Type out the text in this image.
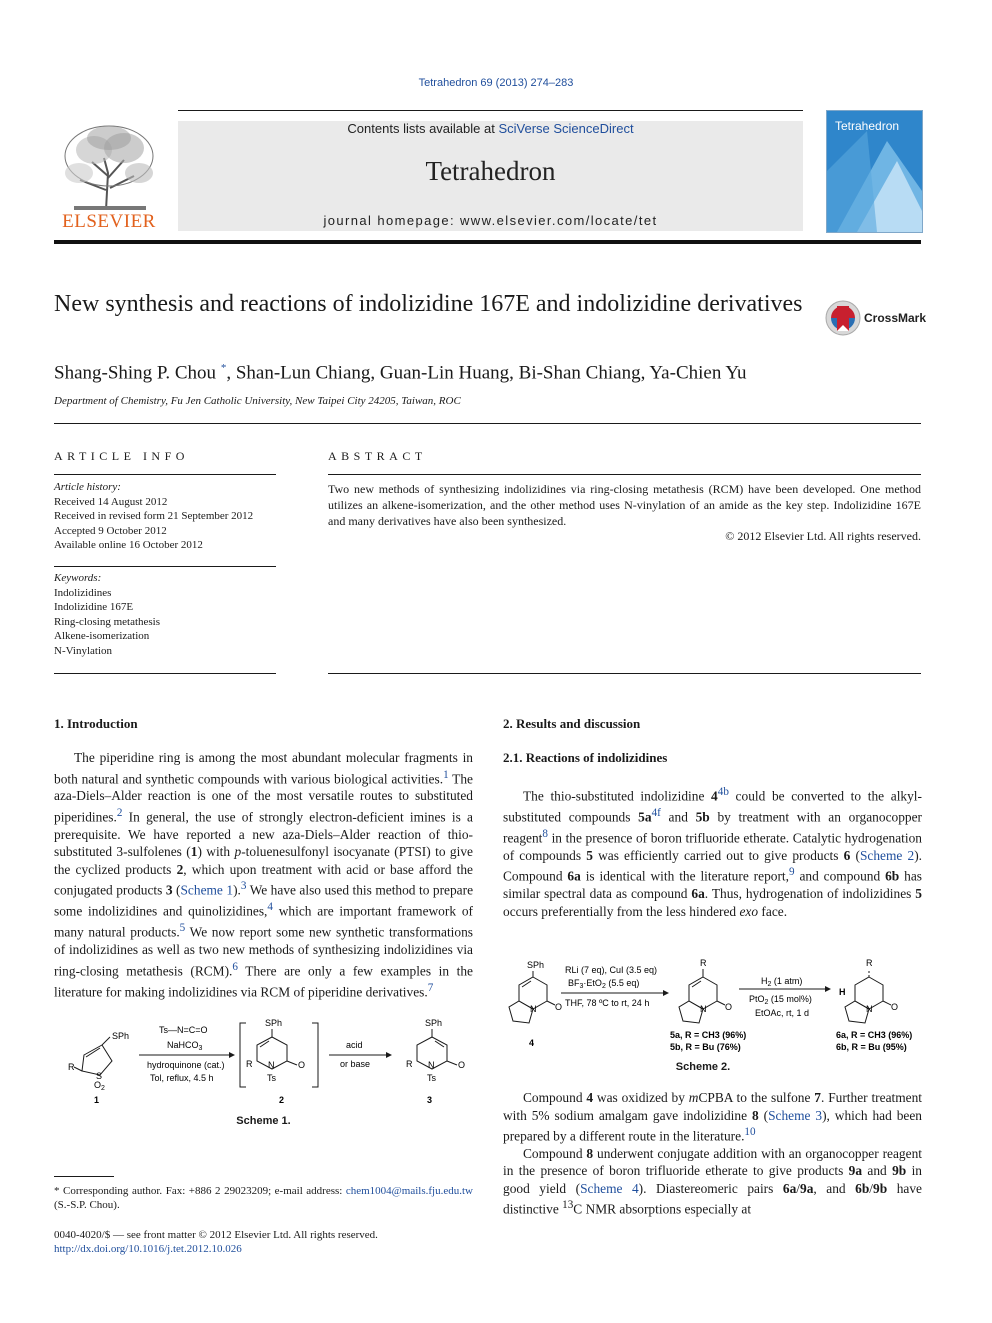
Tetrahedron 69 (2013) 274–283
ELSEVIER
Contents lists available at SciVerse ScienceDirect
Tetrahedron
journal homepage: www.elsevier.com/locate/tet
Tetrahedron
New synthesis and reactions of indolizidine 167E and indolizidine derivatives
CrossMark
Shang-Shing P. Chou *, Shan-Lun Chiang, Guan-Lin Huang, Bi-Shan Chiang, Ya-Chien Yu
Department of Chemistry, Fu Jen Catholic University, New Taipei City 24205, Taiwan, ROC
ARTICLE INFO	ABSTRACT
Article history:
Received 14 August 2012
Received in revised form 21 September 2012
Accepted 9 October 2012
Available online 16 October 2012
Keywords:
Indolizidines
Indolizidine 167E
Ring-closing metathesis
Alkene-isomerization
N-Vinylation
Two new methods of synthesizing indolizidines via ring-closing metathesis (RCM) have been developed. One method utilizes an alkene-isomerization, and the other method uses N-vinylation of an amide as the key step. Indolizidine 167E and many derivatives have also been synthesized.
© 2012 Elsevier Ltd. All rights reserved.
1. Introduction

The piperidine ring is among the most abundant molecular fragments in both natural and synthetic compounds with various biological activities.$^1$ The aza-Diels–Alder reaction is one of the most versatile routes to substituted piperidines.$^2$ In general, the use of strongly electron-deficient imines is a prerequisite. We have reported a new aza-Diels–Alder reaction of thio-substituted 3-sulfolenes (1) with p-toluenesulfonyl isocyanate (PTSI) to give the cyclized products 2, which upon treatment with acid or base afford the conjugated products 3 (Scheme 1).$^3$ We have also used this method to prepare some indolizidines and quinolizidines,$^4$ which are important framework of many natural products.$^5$ We now report some new synthetic transformations of indolizidines as well as two new methods of synthesizing indolizidines via ring-closing metathesis (RCM).$^6$ There are only a few examples in the literature for making indolizidines via RCM of piperidine derivatives.$^7$

SPh
R
S
O 2
1
Ts—N=C=O
NaHCO$_3$
hydroquinone (cat.)
Tol, reflux, 4.5 h
SPh
R N	O
Ts
2
acid
or base
SPh
R N	O
Ts
3
Scheme 1.
2. Results and discussion
2.1. Reactions of indolizidines

The thio-substituted indolizidine 4$^{4b}$ could be converted to the alkyl-substituted compounds 5a$^{4f}$ and 5b by treatment with an organocopper reagent$^8$ in the presence of boron trifluoride etherate. Catalytic hydrogenation of compounds 5 was efficiently carried out to give products 6 (Scheme 2). Compound 6a is identical with the literature report,$^9$ and compound 6b has similar spectral data as compound 6a. Thus, hydrogenation of indolizidines 5 occurs preferentially from the less hindered exo face.

SPh
N O
4
RLi (7 eq), CuI (3.5 eq)
$BF_3\cdot EtO_2$ (5.5 eq)
THF, 78 ºC to rt, 24 h
R
N O
5a, R = CH3 (96%)
5b, R = Bu (76%)
$H_2$ (1 atm)
PtO$_2$ (15 mol%)
EtOAc, rt, 1 d
R
H
N O
6a, R = CH3 (96%)
6b, R = Bu (95%)
Scheme 2.

Compound 4 was oxidized by mCPBA to the sulfone 7. Further treatment with 5% sodium amalgam gave indolizidine 8 (Scheme 3), which had been prepared by a different route in the literature.$^{10}$

Compound 8 underwent conjugate addition with an organocopper reagent in the presence of boron trifluoride etherate to give products 9a and 9b in good yield (Scheme 4). Diastereomeric pairs 6a/9a, and 6b/9b have distinctive $^{13}$C NMR absorptions especially at

* Corresponding author. Fax: +886 2 29023209; e-mail address: chem1004@mails.fju.edu.tw (S.-S.P. Chou).
0040-4020/$ — see front matter © 2012 Elsevier Ltd. All rights reserved.
http://dx.doi.org/10.1016/j.tet.2012.10.026
